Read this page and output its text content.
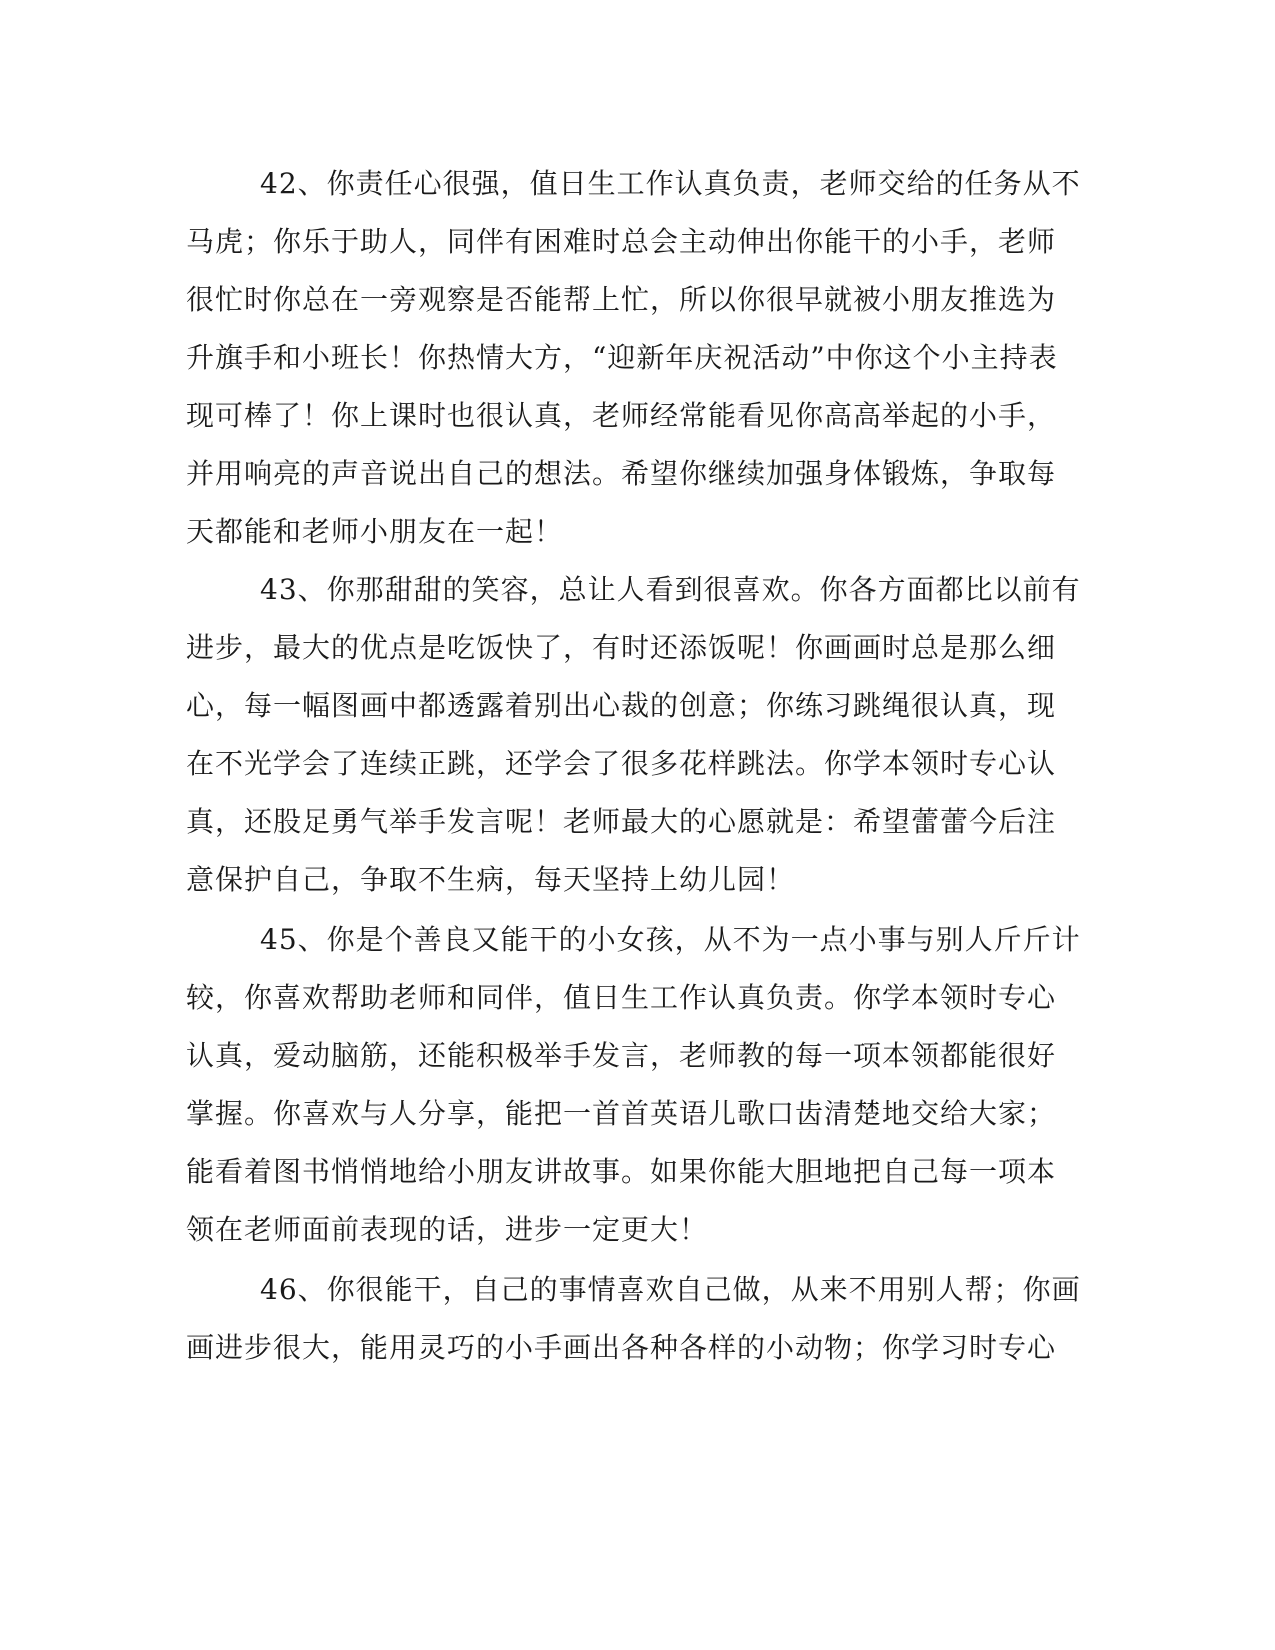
42、你责任心很强，值日生工作认真负责，老师交给的任务从不
马虎；你乐于助人，同伴有困难时总会主动伸出你能干的小手，老师
很忙时你总在一旁观察是否能帮上忙，所以你很早就被小朋友推选为
升旗手和小班长！你热情大方，“迎新年庆祝活动”中你这个小主持表
现可棒了！你上课时也很认真，老师经常能看见你高高举起的小手，
并用响亮的声音说出自己的想法。希望你继续加强身体锻炼，争取每
天都能和老师小朋友在一起！
43、你那甜甜的笑容，总让人看到很喜欢。你各方面都比以前有
进步，最大的优点是吃饭快了，有时还添饭呢！你画画时总是那么细
心，每一幅图画中都透露着别出心裁的创意；你练习跳绳很认真，现
在不光学会了连续正跳，还学会了很多花样跳法。你学本领时专心认
真，还股足勇气举手发言呢！老师最大的心愿就是：希望蕾蕾今后注
意保护自己，争取不生病，每天坚持上幼儿园！
45、你是个善良又能干的小女孩，从不为一点小事与别人斤斤计
较，你喜欢帮助老师和同伴，值日生工作认真负责。你学本领时专心
认真，爱动脑筋，还能积极举手发言，老师教的每一项本领都能很好
掌握。你喜欢与人分享，能把一首首英语儿歌口齿清楚地交给大家；
能看着图书悄悄地给小朋友讲故事。如果你能大胆地把自己每一项本
领在老师面前表现的话，进步一定更大！
46、你很能干，自己的事情喜欢自己做，从来不用别人帮；你画
画进步很大，能用灵巧的小手画出各种各样的小动物；你学习时专心
